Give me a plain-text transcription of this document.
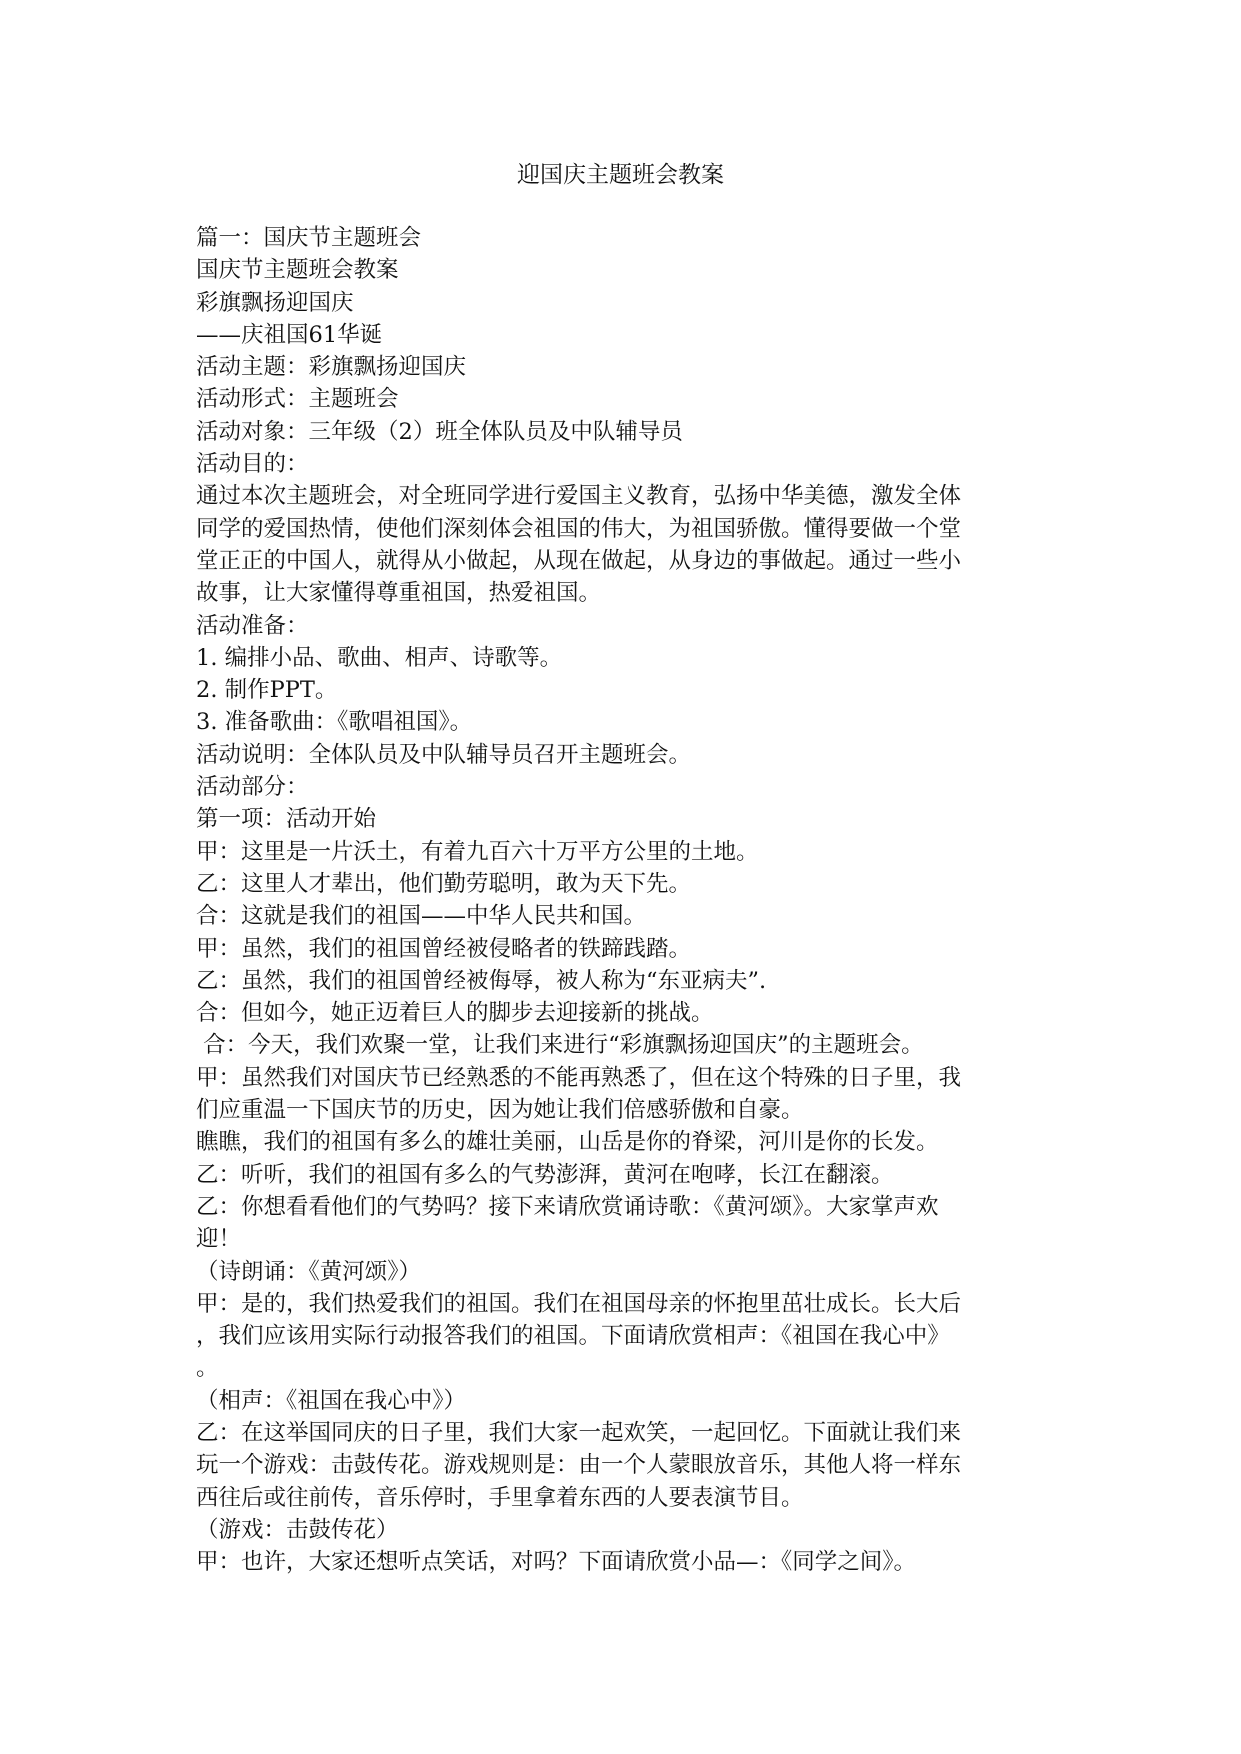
迎国庆主题班会教案
篇一：国庆节主题班会
国庆节主题班会教案
彩旗飘扬迎国庆
——庆祖国61华诞
活动主题：彩旗飘扬迎国庆
活动形式：主题班会
活动对象：三年级（2）班全体队员及中队辅导员
活动目的：
通过本次主题班会，对全班同学进行爱国主义教育，弘扬中华美德，激发全体
同学的爱国热情，使他们深刻体会祖国的伟大，为祖国骄傲。懂得要做一个堂
堂正正的中国人，就得从小做起，从现在做起，从身边的事做起。通过一些小
故事，让大家懂得尊重祖国，热爱祖国。
活动准备：
1. 编排小品、歌曲、相声、诗歌等。
2. 制作PPT。
3. 准备歌曲：《歌唱祖国》。
活动说明：全体队员及中队辅导员召开主题班会。
活动部分：
第一项：活动开始
甲：这里是一片沃土，有着九百六十万平方公里的土地。
乙：这里人才辈出，他们勤劳聪明，敢为天下先。
合：这就是我们的祖国——中华人民共和国。
甲：虽然，我们的祖国曾经被侵略者的铁蹄践踏。
乙：虽然，我们的祖国曾经被侮辱，被人称为“东亚病夫”.
合：但如今，她正迈着巨人的脚步去迎接新的挑战。
合：今天，我们欢聚一堂，让我们来进行“彩旗飘扬迎国庆”的主题班会。
甲：虽然我们对国庆节已经熟悉的不能再熟悉了，但在这个特殊的日子里，我
们应重温一下国庆节的历史，因为她让我们倍感骄傲和自豪。
瞧瞧，我们的祖国有多么的雄壮美丽，山岳是你的脊梁，河川是你的长发。
乙：听听，我们的祖国有多么的气势澎湃，黄河在咆哮，长江在翻滚。
乙：你想看看他们的气势吗？接下来请欣赏诵诗歌：《黄河颂》。大家掌声欢
迎！
（诗朗诵：《黄河颂》）
甲：是的，我们热爱我们的祖国。我们在祖国母亲的怀抱里茁壮成长。长大后
，我们应该用实际行动报答我们的祖国。下面请欣赏相声：《祖国在我心中》
。
（相声：《祖国在我心中》）
乙：在这举国同庆的日子里，我们大家一起欢笑，一起回忆。下面就让我们来
玩一个游戏：击鼓传花。游戏规则是：由一个人蒙眼放音乐，其他人将一样东
西往后或往前传，音乐停时，手里拿着东西的人要表演节目。
（游戏：击鼓传花）
甲：也许，大家还想听点笑话，对吗？下面请欣赏小品—：《同学之间》。
